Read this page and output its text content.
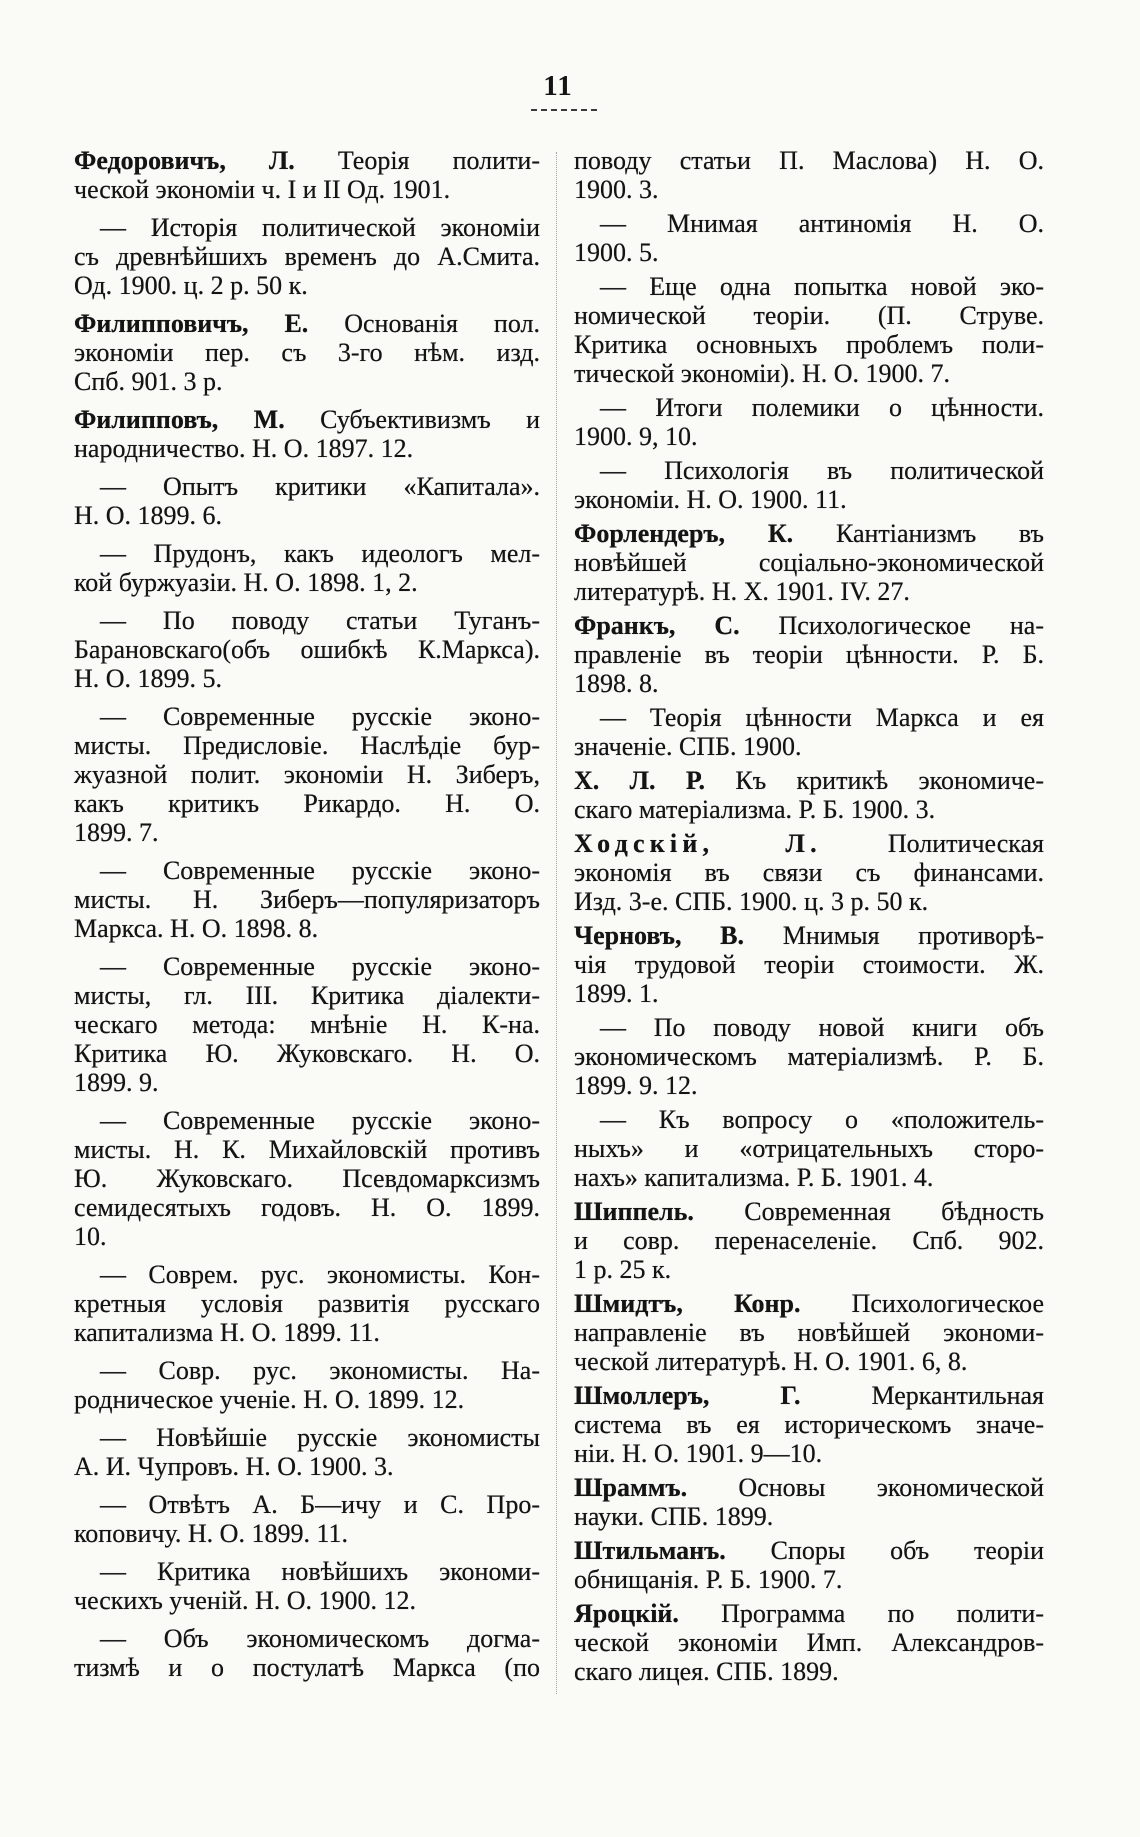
11
Федоровичъ, Л. Теорія полити-
ческой экономіи ч. I и II Од. 1901.
— Исторія политической экономіи
съ древнѣйшихъ временъ до А.Смита.
Од. 1900. ц. 2 р. 50 к.
Филипповичъ, Е. Основанія пол.
экономіи пер. съ 3-го нѣм. изд.
Спб. 901. 3 р.
Филипповъ, М. Субъективизмъ и
народничество. Н. О. 1897. 12.
— Опытъ критики «Капитала».
Н. О. 1899. 6.
— Прудонъ, какъ идеологъ мел-
кой буржуазіи. Н. О. 1898. 1, 2.
— По поводу статьи Туганъ-
Барановскаго(объ ошибкѣ К.Маркса).
Н. О. 1899. 5.
— Современные русскіе эконо-
мисты. Предисловіе. Наслѣдіе бур-
жуазной полит. экономіи Н. Зиберъ,
какъ критикъ Рикардо. Н. О.
1899. 7.
— Современные русскіе эконо-
мисты. Н. Зиберъ—популяризаторъ
Маркса. Н. О. 1898. 8.
— Современные русскіе эконо-
мисты, гл. III. Критика діалекти-
ческаго метода: мнѣніе Н. К-на.
Критика Ю. Жуковскаго. Н. О.
1899. 9.
— Современные русскіе эконо-
мисты. Н. К. Михайловскій противъ
Ю. Жуковскаго. Псевдомарксизмъ
семидесятыхъ годовъ. Н. О. 1899.
10.
— Соврем. рус. экономисты. Кон-
кретныя условія развитія русскаго
капитализма Н. О. 1899. 11.
— Совр. рус. экономисты. На-
родническое ученіе. Н. О. 1899. 12.
— Новѣйшіе русскіе экономисты
А. И. Чупровъ. Н. О. 1900. 3.
— Отвѣтъ А. Б—ичу и С. Про-
коповичу. Н. О. 1899. 11.
— Критика новѣйшихъ экономи-
ческихъ ученій. Н. О. 1900. 12.
— Объ экономическомъ догма-
тизмѣ и о постулатѣ Маркса (по
поводу статьи П. Маслова) Н. О.
1900. 3.
— Мнимая антиномія Н. О.
1900. 5.
— Еще одна попытка новой эко-
номической теоріи. (П. Струве.
Критика основныхъ проблемъ поли-
тической экономіи). Н. О. 1900. 7.
— Итоги полемики о цѣнности.
1900. 9, 10.
— Психологія въ политической
экономіи. Н. О. 1900. 11.
Форлендеръ, К. Кантіанизмъ въ
новѣйшей соціально-экономической
литературѣ. Н. Х. 1901. IV. 27.
Франкъ, С. Психологическое на-
правленіе въ теоріи цѣнности. Р. Б.
1898. 8.
— Теорія цѣнности Маркса и ея
значеніе. СПБ. 1900.
Х. Л. Р. Къ критикѣ экономиче-
скаго матеріализма. Р. Б. 1900. 3.
Ходскій, Л.	Политическая
экономія въ связи съ финансами.
Изд. 3-е. СПБ. 1900. ц. 3 р. 50 к.
Черновъ, В. Мнимыя противорѣ-
чія трудовой теоріи стоимости. Ж.
1899. 1.
— По поводу новой книги объ
экономическомъ матеріализмѣ. Р. Б.
1899. 9. 12.
— Къ вопросу о «положитель-
ныхъ» и «отрицательныхъ сторо-
нахъ» капитализма. Р. Б. 1901. 4.
Шиппель. Современная бѣдность
и совр. перенаселеніе. Спб. 902.
1 р. 25 к.
Шмидтъ, Конр. Психологическое
направленіе въ новѣйшей экономи-
ческой литературѣ. Н. О. 1901. 6, 8.
Шмоллеръ, Г.	Меркантильная
система въ ея историческомъ значе-
ніи. Н. О. 1901. 9—10.
Шраммъ. Основы экономической
науки. СПБ. 1899.
Штильманъ. Споры объ теоріи
обнищанія. Р. Б. 1900. 7.
Яроцкій. Программа по полити-
ческой экономіи Имп. Александров-
скаго лицея. СПБ. 1899.
